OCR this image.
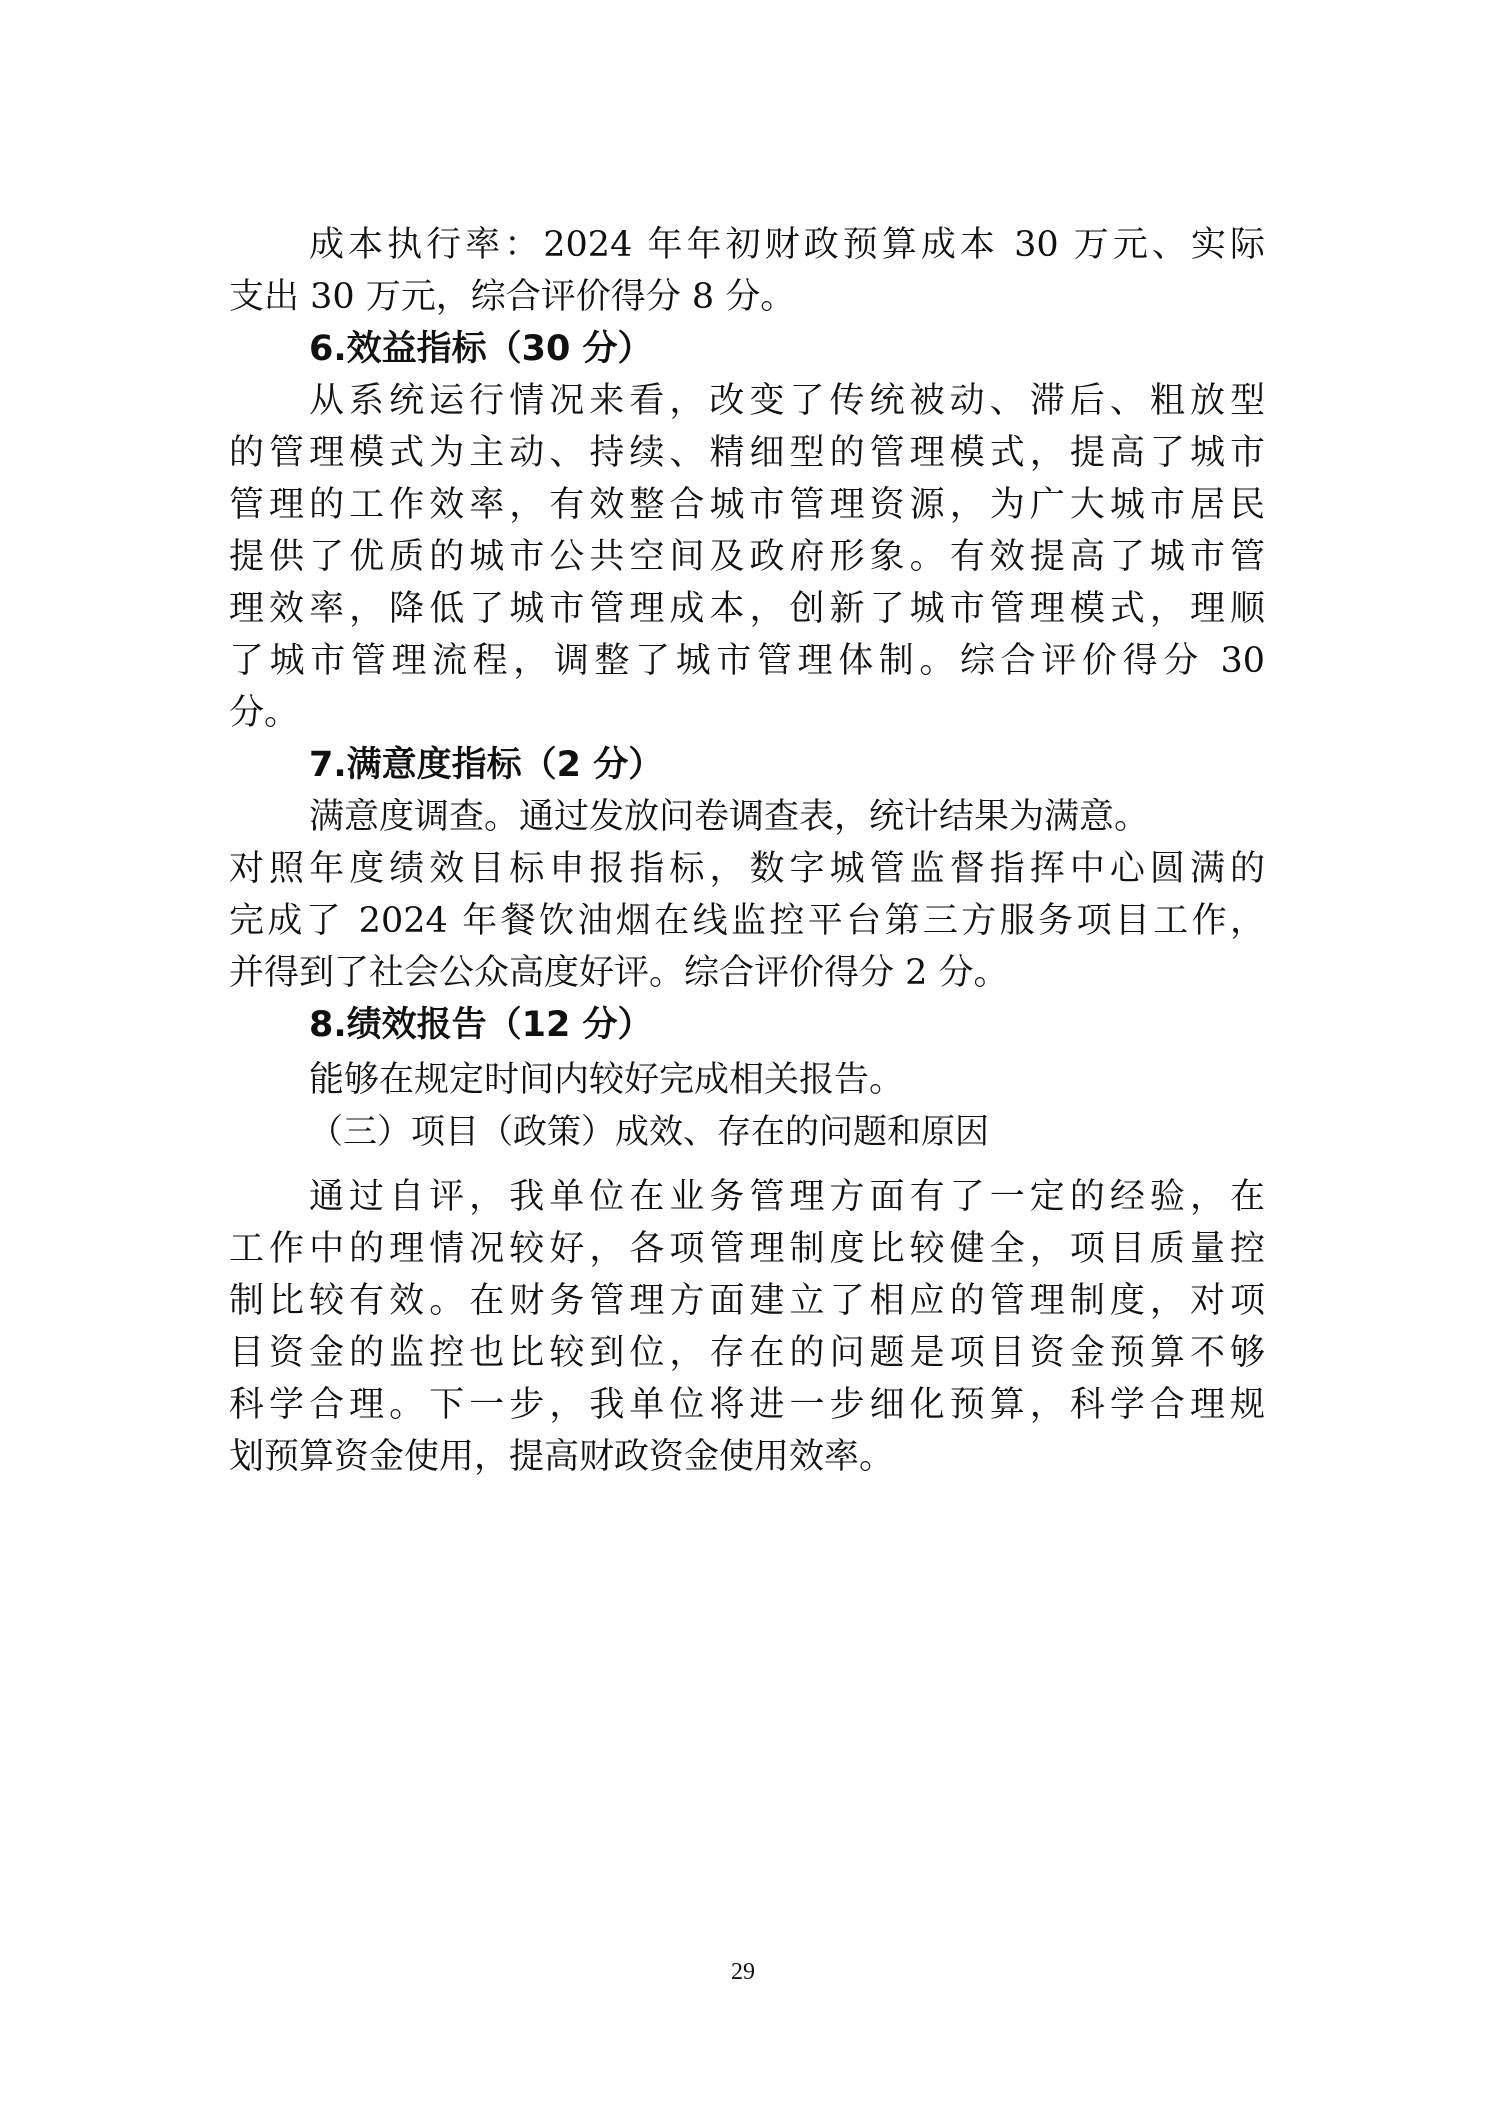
成本执行率：2024 年年初财政预算成本 30 万元、实际
支出 30 万元，综合评价得分 8 分。
6.效益指标（30 分）
从系统运行情况来看，改变了传统被动、滞后、粗放型
的管理模式为主动、持续、精细型的管理模式，提高了城市
管理的工作效率，有效整合城市管理资源，为广大城市居民
提供了优质的城市公共空间及政府形象。有效提高了城市管
理效率，降低了城市管理成本，创新了城市管理模式，理顺
了城市管理流程，调整了城市管理体制。综合评价得分 30
分。
7.满意度指标（2 分）
满意度调查。通过发放问卷调查表，统计结果为满意。
对照年度绩效目标申报指标，数字城管监督指挥中心圆满的
完成了 2024 年餐饮油烟在线监控平台第三方服务项目工作，
并得到了社会公众高度好评。综合评价得分 2 分。
8.绩效报告（12 分）
能够在规定时间内较好完成相关报告。
（三）项目（政策）成效、存在的问题和原因
通过自评，我单位在业务管理方面有了一定的经验，在
工作中的理情况较好，各项管理制度比较健全，项目质量控
制比较有效。在财务管理方面建立了相应的管理制度，对项
目资金的监控也比较到位，存在的问题是项目资金预算不够
科学合理。下一步，我单位将进一步细化预算，科学合理规
划预算资金使用，提高财政资金使用效率。
29
